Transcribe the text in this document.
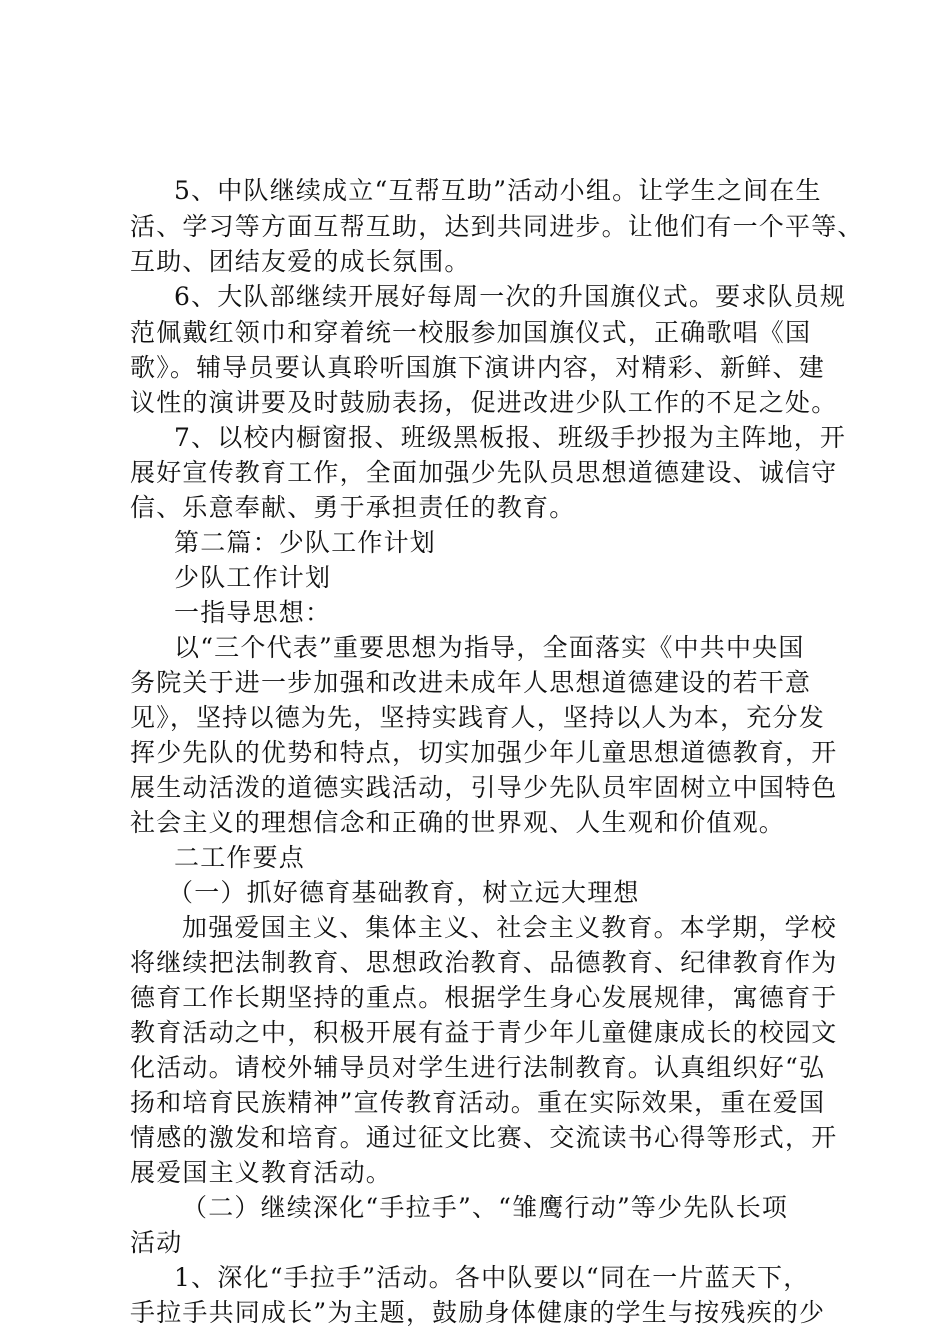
5、中队继续成立“互帮互助”活动小组。让学生之间在生
活、学习等方面互帮互助，达到共同进步。让他们有一个平等、
互助、团结友爱的成长氛围。
6、大队部继续开展好每周一次的升国旗仪式。要求队员规
范佩戴红领巾和穿着统一校服参加国旗仪式，正确歌唱《国
歌》。辅导员要认真聆听国旗下演讲内容，对精彩、新鲜、建
议性的演讲要及时鼓励表扬，促进改进少队工作的不足之处。
7、以校内橱窗报、班级黑板报、班级手抄报为主阵地，开
展好宣传教育工作，全面加强少先队员思想道德建设、诚信守
信、乐意奉献、勇于承担责任的教育。
第二篇：少队工作计划
少队工作计划
一指导思想：
以“三个代表”重要思想为指导，全面落实《中共中央国
务院关于进一步加强和改进未成年人思想道德建设的若干意
见》，坚持以德为先，坚持实践育人，坚持以人为本，充分发
挥少先队的优势和特点，切实加强少年儿童思想道德教育，开
展生动活泼的道德实践活动，引导少先队员牢固树立中国特色
社会主义的理想信念和正确的世界观、人生观和价值观。
二工作要点
（一）抓好德育基础教育，树立远大理想
加强爱国主义、集体主义、社会主义教育。本学期，学校
将继续把法制教育、思想政治教育、品德教育、纪律教育作为
德育工作长期坚持的重点。根据学生身心发展规律，寓德育于
教育活动之中，积极开展有益于青少年儿童健康成长的校园文
化活动。请校外辅导员对学生进行法制教育。认真组织好“弘
扬和培育民族精神”宣传教育活动。重在实际效果，重在爱国
情感的激发和培育。通过征文比赛、交流读书心得等形式，开
展爱国主义教育活动。
（二）继续深化“手拉手”、“雏鹰行动”等少先队长项
活动
1、深化“手拉手”活动。各中队要以“同在一片蓝天下，
手拉手共同成长”为主题，鼓励身体健康的学生与按残疾的少
